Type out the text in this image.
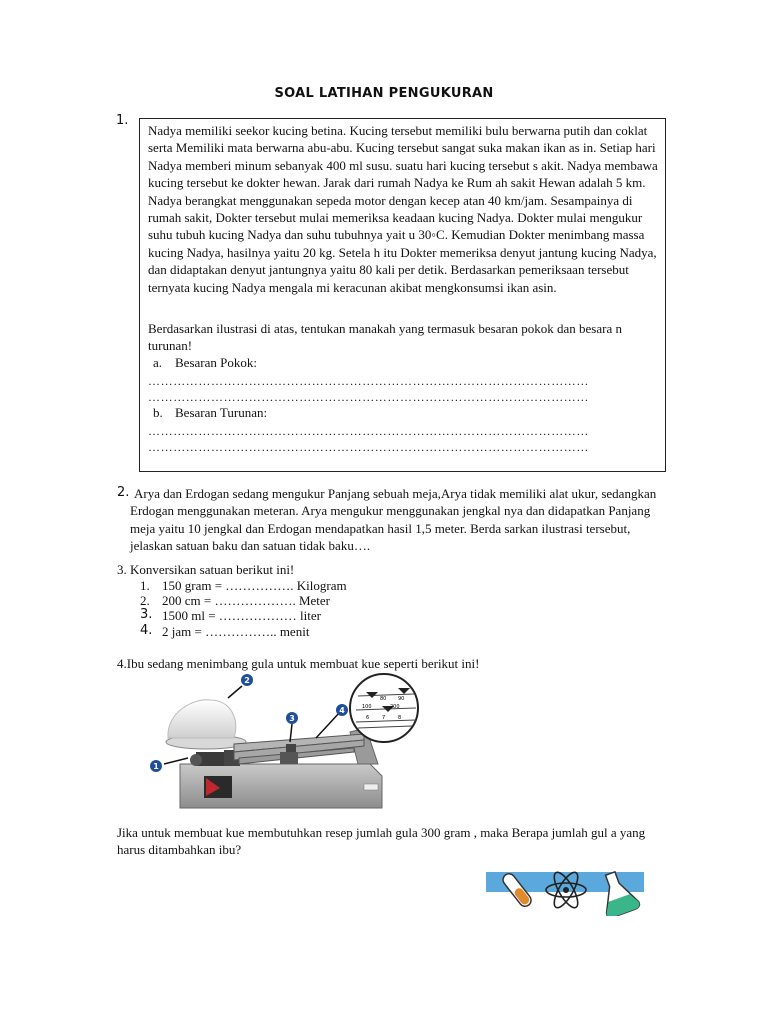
SOAL LATIHAN PENGUKURAN
1.
Nadya memiliki seekor kucing betina. Kucing tersebut memiliki bulu berwarna putih dan coklat serta Memiliki mata berwarna abu-abu. Kucing tersebut sangat suka makan ikan as in. Setiap hari Nadya memberi minum sebanyak 400 ml susu. suatu hari kucing tersebut s akit. Nadya membawa kucing tersebut ke dokter hewan. Jarak dari rumah Nadya ke Rum ah sakit Hewan adalah 5 km. Nadya berangkat menggunakan sepeda motor dengan kecep atan 40 km/jam. Sesampainya di rumah sakit, Dokter tersebut mulai memeriksa keadaan kucing Nadya. Dokter mulai mengukur suhu tubuh kucing Nadya dan suhu tubuhnya yait u 30◦C. Kemudian Dokter menimbang massa kucing Nadya, hasilnya yaitu 20 kg. Setela h itu Dokter memeriksa denyut jantung kucing Nadya, dan didaptakan denyut jantungnya yaitu 80 kali per detik. Berdasarkan pemeriksaan tersebut ternyata kucing Nadya mengala mi keracunan akibat mengkonsumsi ikan asin.
Berdasarkan ilustrasi di atas, tentukan manakah yang termasuk besaran pokok dan besara n turunan!
a. Besaran Pokok:
……………………………………………………………………………………………
……………………………………………………………………………………………
b. Besaran Turunan:
……………………………………………………………………………………………
……………………………………………………………………………………………
2. Arya dan Erdogan sedang mengukur Panjang sebuah meja,Arya tidak memiliki alat ukur, sedangkan Erdogan menggunakan meteran. Arya mengukur menggunakan jengkal nya dan didapatkan Panjang meja yaitu 10 jengkal dan Erdogan mendapatkan hasil 1,5 meter. Berda sarkan ilustrasi tersebut, jelaskan satuan baku dan satuan tidak baku….
3. Konversikan satuan berikut ini!
1. 150 gram = ……………. Kilogram
2. 200 cm = ………………. Meter
3. 1500 ml = ……………… liter
4. 2 jam = …………….. menit
4.Ibu sedang menimbang gula untuk membuat kue seperti berikut ini!
80 90
100	200
6	7	8
1
2
3
4
Jika untuk membuat kue membutuhkan resep jumlah gula 300 gram , maka Berapa jumlah gul a yang harus ditambahkan ibu?
